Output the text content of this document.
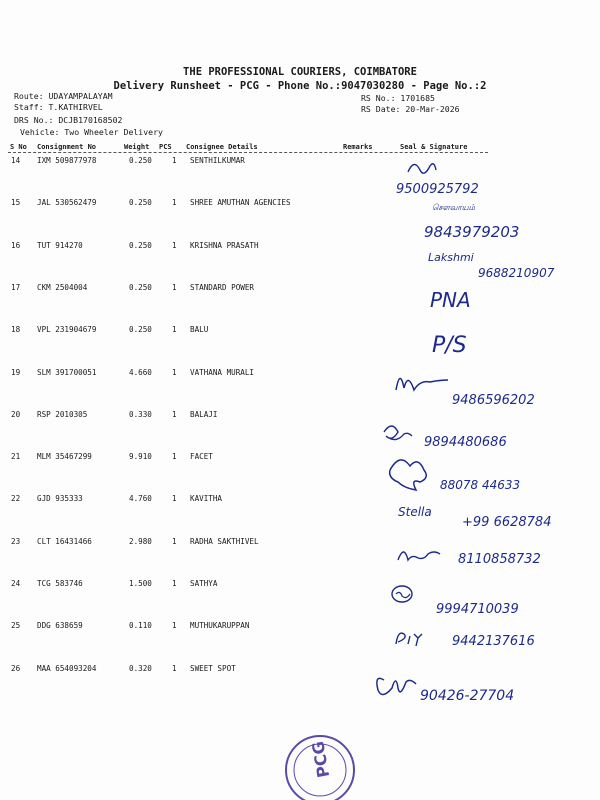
THE PROFESSIONAL COURIERS, COIMBATORE
Delivery Runsheet - PCG - Phone No.:9047030280 - Page No.:2
Route: UDAYAMPALAYAM
Staff: T.KATHIRVEL
DRS No.: DCJB170168502
Vehicle: Two Wheeler Delivery
RS No.: 1701685
RS Date: 20-Mar-2026
S No Consignment No	Weight PCS Consignee Details	Remarks	Seal & Signature
14 IXM 509877978	0.250	1 SENTHILKUMAR
15 JAL 530562479	0.250	1 SHREE AMUTHAN AGENCIES
16 TUT 914270	0.250	1 KRISHNA PRASATH
17 CKM 2504004	0.250	1 STANDARD POWER
18 VPL 231904679	0.250	1 BALU
19 SLM 391700051	4.660	1 VATHANA MURALI
20 RSP 2010305	0.330	1 BALAJI
21 MLM 35467299	9.910	1 FACET
22 GJD 935333	4.760	1 KAVITHA
23 CLT 16431466	2.980	1 RADHA SAKTHIVEL
24 TCG 583746	1.500	1 SATHYA
25 DDG 638659	0.110	1 MUTHUKARUPPAN
26 MAA 654093204	0.320	1 SWEET SPOT
9500925792
சௌவாயம்
9843979203
Lakshmi
9688210907
PNA
P/S
9486596202
9894480686
88078 44633
Stella
+99 6628784
8110858732
9994710039
9442137616
90426-27704
PCG
